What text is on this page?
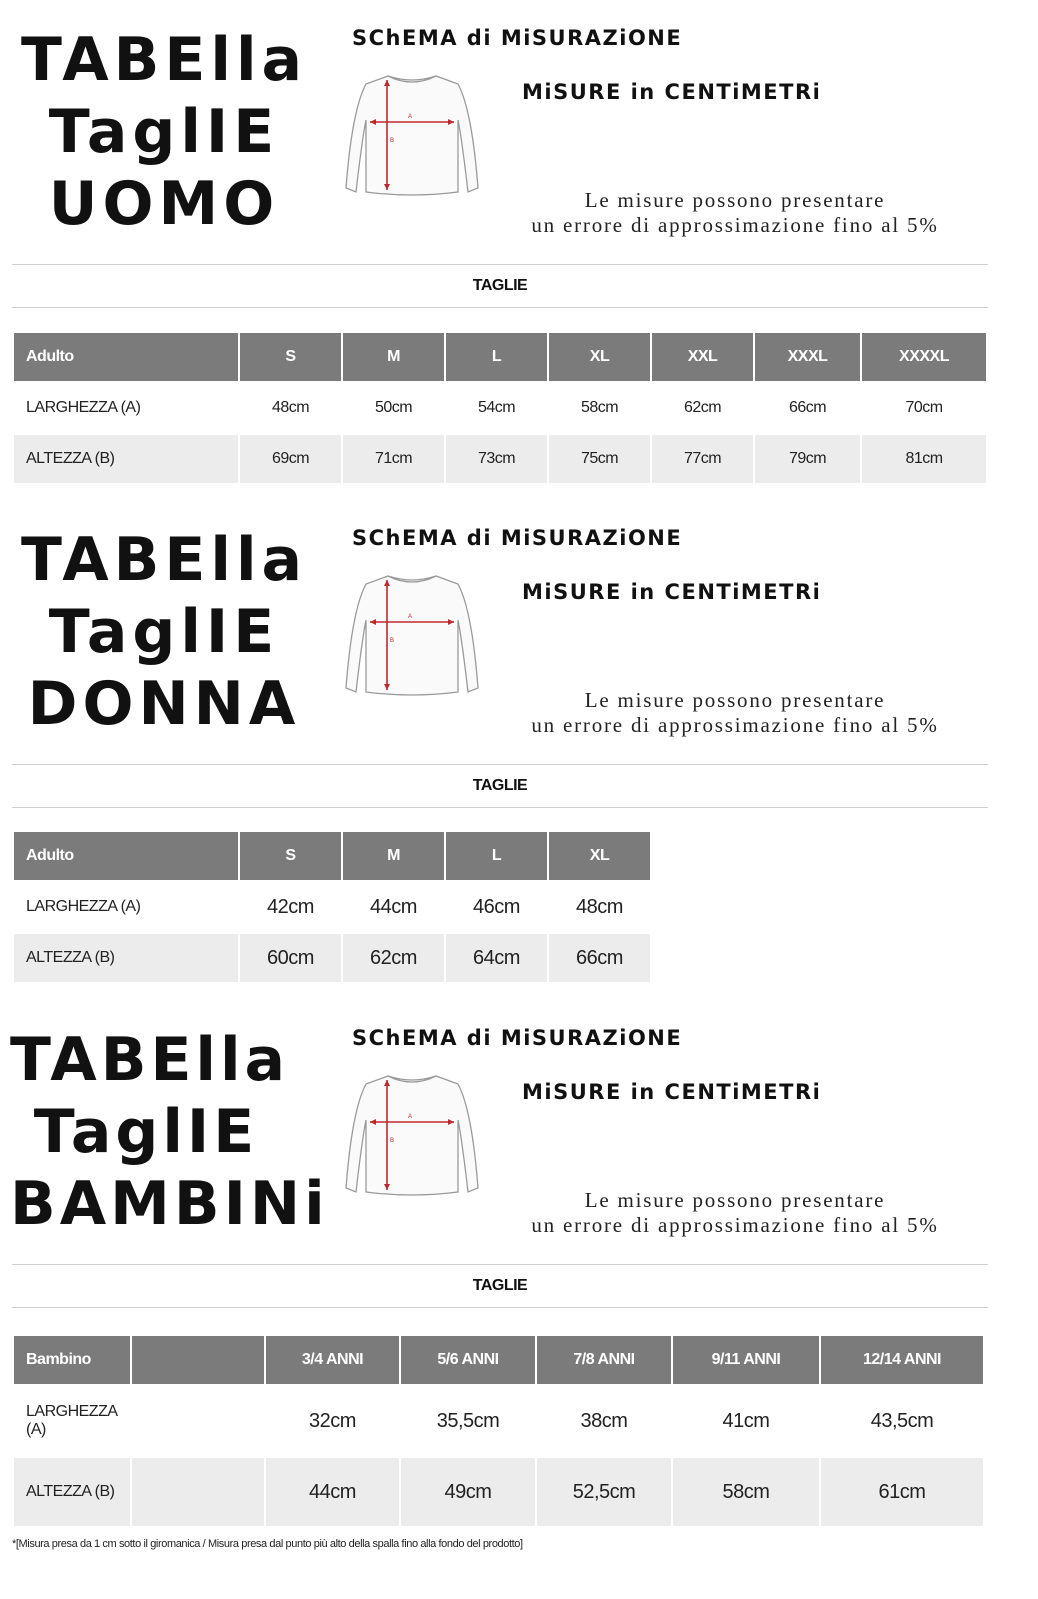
TABElla
TaglIE
UOMO
SChEMA di MiSURAZiONE
MiSURE in CENTiMETRi
A
B
Le misure possono presentare
un errore di approssimazione fino al 5%
TAGLIE
Adulto	S	M	L	XL	XXL	XXXL	XXXXL
LARGHEZZA (A)	48cm	50cm	54cm	58cm	62cm	66cm	70cm
ALTEZZA (B)	69cm	71cm	73cm	75cm	77cm	79cm	81cm
TABElla
TaglIE
DONNA
SChEMA di MiSURAZiONE
MiSURE in CENTiMETRi
A
B
Le misure possono presentare
un errore di approssimazione fino al 5%
TAGLIE
Adulto	S	M	L	XL
LARGHEZZA (A)	42cm	44cm	46cm	48cm
ALTEZZA (B)	60cm	62cm	64cm	66cm
TABElla
TaglIE
BAMBINi
SChEMA di MiSURAZiONE
MiSURE in CENTiMETRi
A
B
Le misure possono presentare
un errore di approssimazione fino al 5%
TAGLIE
Bambino		3/4 ANNI	5/6 ANNI	7/8 ANNI	9/11 ANNI	12/14 ANNI
LARGHEZZA (A)		32cm	35,5cm	38cm	41cm	43,5cm
ALTEZZA (B)		44cm	49cm	52,5cm	58cm	61cm
*[Misura presa da 1 cm sotto il giromanica / Misura presa dal punto più alto della spalla fino alla fondo del prodotto]
